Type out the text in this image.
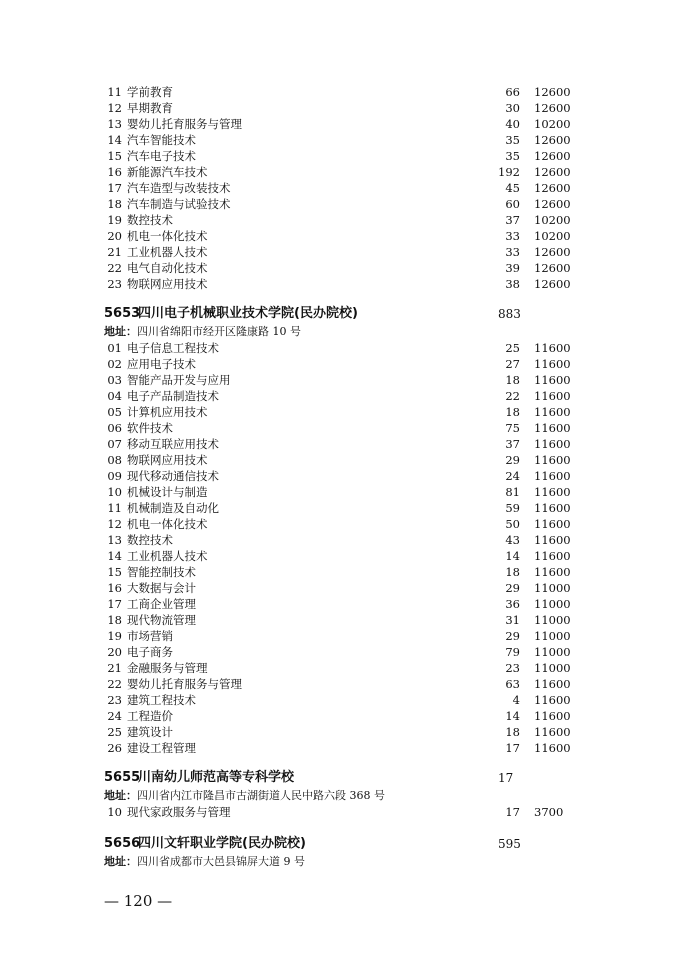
11 学前教育	66 12600
12 早期教育	30 12600
13 婴幼儿托育服务与管理	40 10200
14 汽车智能技术	35 12600
15 汽车电子技术	35 12600
16 新能源汽车技术	192 12600
17 汽车造型与改装技术	45 12600
18 汽车制造与试验技术	60 12600
19 数控技术	37 10200
20 机电一体化技术	33 10200
21 工业机器人技术	33 12600
22 电气自动化技术	39 12600
23 物联网应用技术	38 12600
5653
四川电子机械职业技术学院(民办院校)	883
地址：四川省绵阳市经开区隆康路 10 号
01 电子信息工程技术	25 11600
02 应用电子技术	27 11600
03 智能产品开发与应用	18 11600
04 电子产品制造技术	22 11600
05 计算机应用技术	18 11600
06 软件技术	75 11600
07 移动互联应用技术	37 11600
08 物联网应用技术	29 11600
09 现代移动通信技术	24 11600
10 机械设计与制造	81 11600
11 机械制造及自动化	59 11600
12 机电一体化技术	50 11600
13 数控技术	43 11600
14 工业机器人技术	14 11600
15 智能控制技术	18 11600
16 大数据与会计	29 11000
17 工商企业管理	36 11000
18 现代物流管理	31 11000
19 市场营销	29 11000
20 电子商务	79 11000
21 金融服务与管理	23 11000
22 婴幼儿托育服务与管理	63 11600
23 建筑工程技术	4 11600
24 工程造价	14 11600
25 建筑设计	18 11600
26 建设工程管理	17 11600
5655
川南幼儿师范高等专科学校	17
地址：四川省内江市隆昌市古湖街道人民中路六段 368 号
10 现代家政服务与管理	17 3700
5656
四川文轩职业学院(民办院校)	595
地址：四川省成都市大邑县锦屏大道 9 号
— 120 —
